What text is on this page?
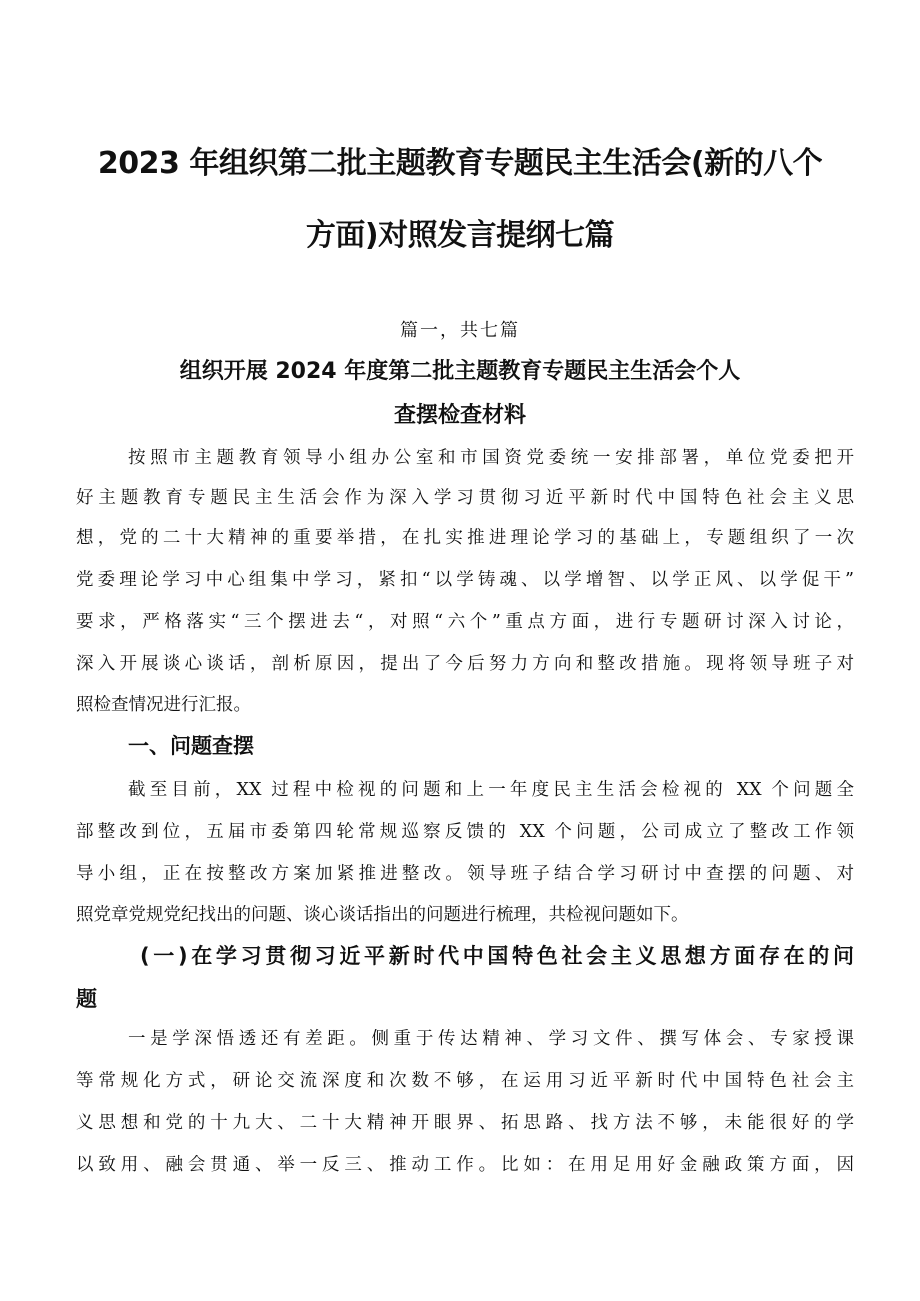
2023 年组织第二批主题教育专题民主生活会(新的八个
方面)对照发言提纲七篇
篇一，共七篇
组织开展 2024 年度第二批主题教育专题民主生活会个人
查摆检查材料
按照市主题教育领导小组办公室和市国资党委统一安排部署，单位党委把开
好主题教育专题民主生活会作为深入学习贯彻习近平新时代中国特色社会主义思
想，党的二十大精神的重要举措，在扎实推进理论学习的基础上，专题组织了一次
党委理论学习中心组集中学习，紧扣“以学铸魂、以学增智、以学正风、以学促干”
要求，严格落实“三个摆进去“，对照“六个”重点方面，进行专题研讨深入讨论，
深入开展谈心谈话，剖析原因，提出了今后努力方向和整改措施。现将领导班子对
照检查情况进行汇报。
一、问题查摆
截至目前，XX 过程中检视的问题和上一年度民主生活会检视的 XX 个问题全
部整改到位，五届市委第四轮常规巡察反馈的 XX 个问题，公司成立了整改工作领
导小组，正在按整改方案加紧推进整改。领导班子结合学习研讨中查摆的问题、对
照党章党规党纪找出的问题、谈心谈话指出的问题进行梳理，共检视问题如下。
(一)在学习贯彻习近平新时代中国特色社会主义思想方面存在的问
题
一是学深悟透还有差距。侧重于传达精神、学习文件、撰写体会、专家授课
等常规化方式，研论交流深度和次数不够，在运用习近平新时代中国特色社会主
义思想和党的十九大、二十大精神开眼界、拓思路、找方法不够，未能很好的学
以致用、融会贯通、举一反三、推动工作。比如：在用足用好金融政策方面，因
